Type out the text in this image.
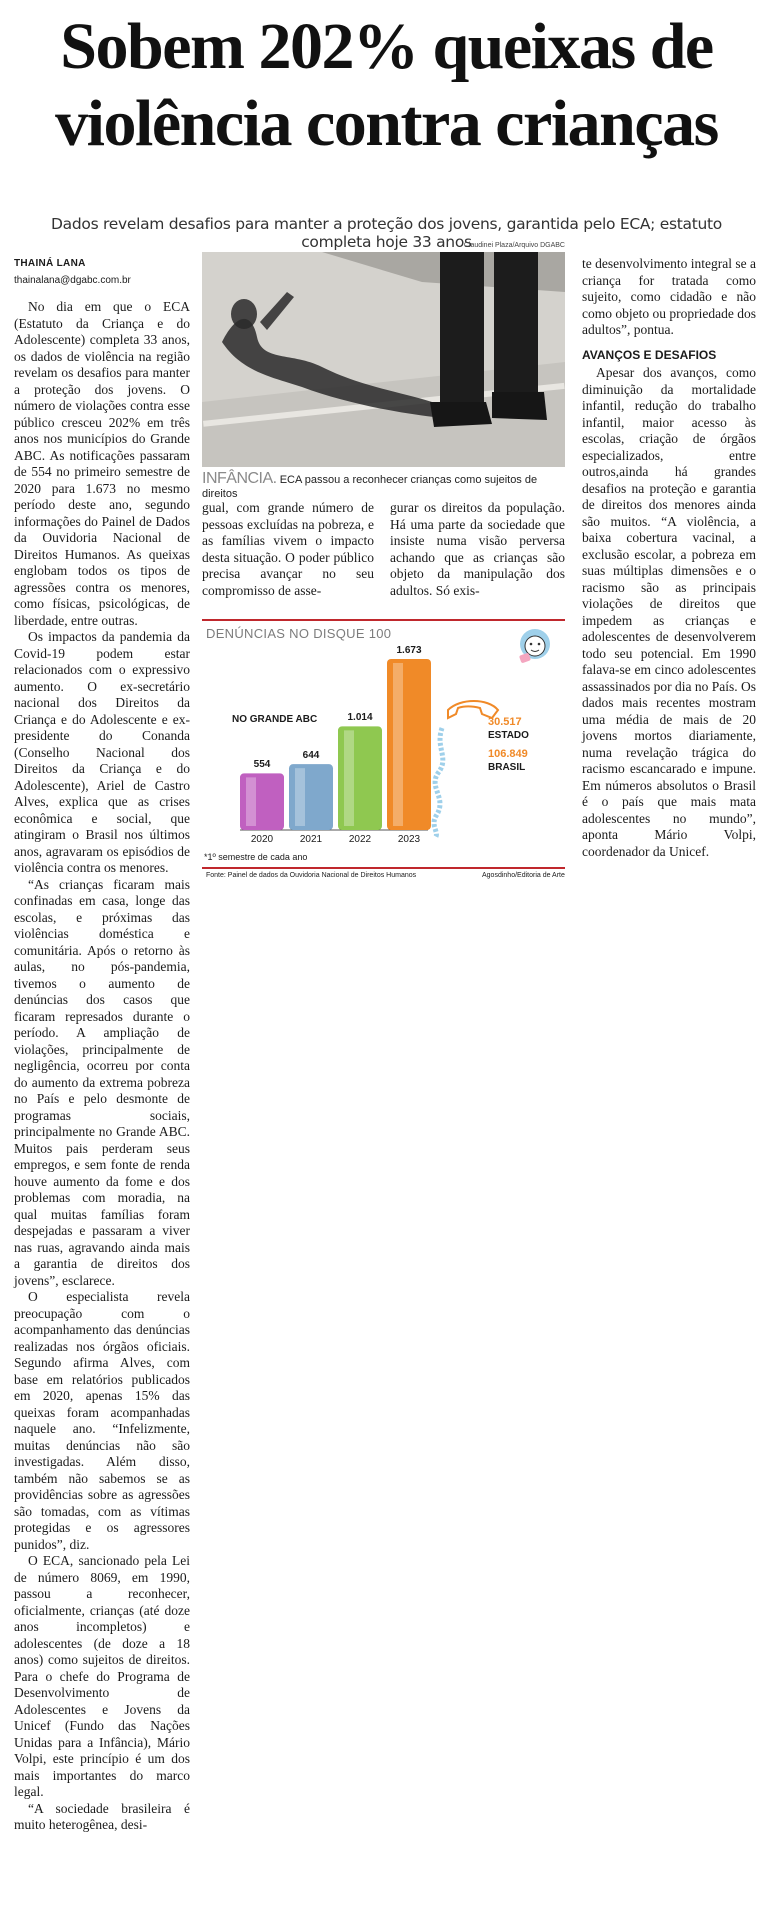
Sobem 202% queixas de
violência contra crianças
Dados revelam desafios para manter a proteção dos jovens, garantida pelo ECA; estatuto completa hoje 33 anos
THAINÁ LANA
thainalana@dgabc.com.br

No dia em que o ECA (Estatuto da Criança e do Adolescente) completa 33 anos, os dados de violência na região revelam os desafios para manter a proteção dos jovens. O número de violações contra esse público cresceu 202% em três anos nos municípios do Grande ABC. As notificações passaram de 554 no primeiro semestre de 2020 para 1.673 no mesmo período deste ano, segundo informações do Painel de Dados da Ouvidoria Nacional de Direitos Humanos. As queixas englobam todos os tipos de agressões contra os menores, como físicas, psicológicas, de liberdade, entre outras.

Os impactos da pandemia da Covid-19 podem estar relacionados com o expressivo aumento. O ex-secretário nacional dos Direitos da Criança e do Adolescente e ex-presidente do Conanda (Conselho Nacional dos Direitos da Criança e do Adolescente), Ariel de Castro Alves, explica que as crises econômica e social, que atingiram o Brasil nos últimos anos, agravaram os episódios de violência contra os menores.

“As crianças ficaram mais confinadas em casa, longe das escolas, e próximas das violências doméstica e comunitária. Após o retorno às aulas, no pós-pandemia, tivemos o aumento de denúncias dos casos que ficaram represados durante o período. A ampliação de violações, principalmente de negligência, ocorreu por conta do aumento da extrema pobreza no País e pelo desmonte de programas sociais, principalmente no Grande ABC. Muitos pais perderam seus empregos, e sem fonte de renda houve aumento da fome e dos problemas com moradia, na qual muitas famílias foram despejadas e passaram a viver nas ruas, agravando ainda mais a garantia de direitos dos jovens”, esclarece.

O especialista revela preocupação com o acompanhamento das denúncias realizadas nos órgãos oficiais. Segundo afirma Alves, com base em relatórios publicados em 2020, apenas 15% das queixas foram acompanhadas naquele ano. “Infelizmente, muitas denúncias não são investigadas. Além disso, também não sabemos se as providências sobre as agressões são tomadas, com as vítimas protegidas e os agressores punidos”, diz.

O ECA, sancionado pela Lei de número 8069, em 1990, passou a reconhecer, oficialmente, crianças (até doze anos incompletos) e adolescentes (de doze a 18 anos) como sujeitos de direitos. Para o chefe do Programa de Desenvolvimento de Adolescentes e Jovens da Unicef (Fundo das Nações Unidas para a Infância), Mário Volpi, este princípio é um dos mais importantes do marco legal.

“A sociedade brasileira é muito heterogênea, desi-

Claudinei Plaza/Arquivo DGABC
INFÂNCIA. ECA passou a reconhecer crianças como sujeitos de direitos

gual, com grande número de pessoas excluídas na pobreza, e as famílias vivem o impacto desta situação. O poder público precisa avançar no seu compromisso de asse-

gurar os direitos da população. Há uma parte da sociedade que insiste numa visão perversa achando que as crianças são objeto da manipulação dos adultos. Só exis-

te desenvolvimento integral se a criança for tratada como sujeito, como cidadão e não como objeto ou propriedade dos adultos”, pontua.

AVANÇOS E DESAFIOS

Apesar dos avanços, como diminuição da mortalidade infantil, redução do trabalho infantil, maior acesso às escolas, criação de órgãos especializados, entre outros,ainda há grandes desafios na proteção e garantia de direitos dos menores ainda são muitos. “A violência, a baixa cobertura vacinal, a exclusão escolar, a pobreza em suas múltiplas dimensões e o racismo são as principais violações de direitos que impedem as crianças e adolescentes de desenvolverem todo seu potencial. Em 1990 falava-se em cinco adolescentes assassinados por dia no País. Os dados mais recentes mostram uma média de mais de 20 jovens mortos diariamente, numa revelação trágica do racismo escancarado e impune. Em números absolutos o Brasil é o país que mais mata adolescentes no mundo”, aponta Mário Volpi, coordenador da Unicef.

DENÚNCIAS NO DISQUE 100
NO GRANDE ABC
554
644
1.014
1.673
2020	2021	2022	2023
30.517
ESTADO
106.849
BRASIL
*1º semestre de cada ano
Fonte: Painel de dados da Ouvidoria Nacional de Direitos Humanos	Agosdinho/Editoria de Arte
